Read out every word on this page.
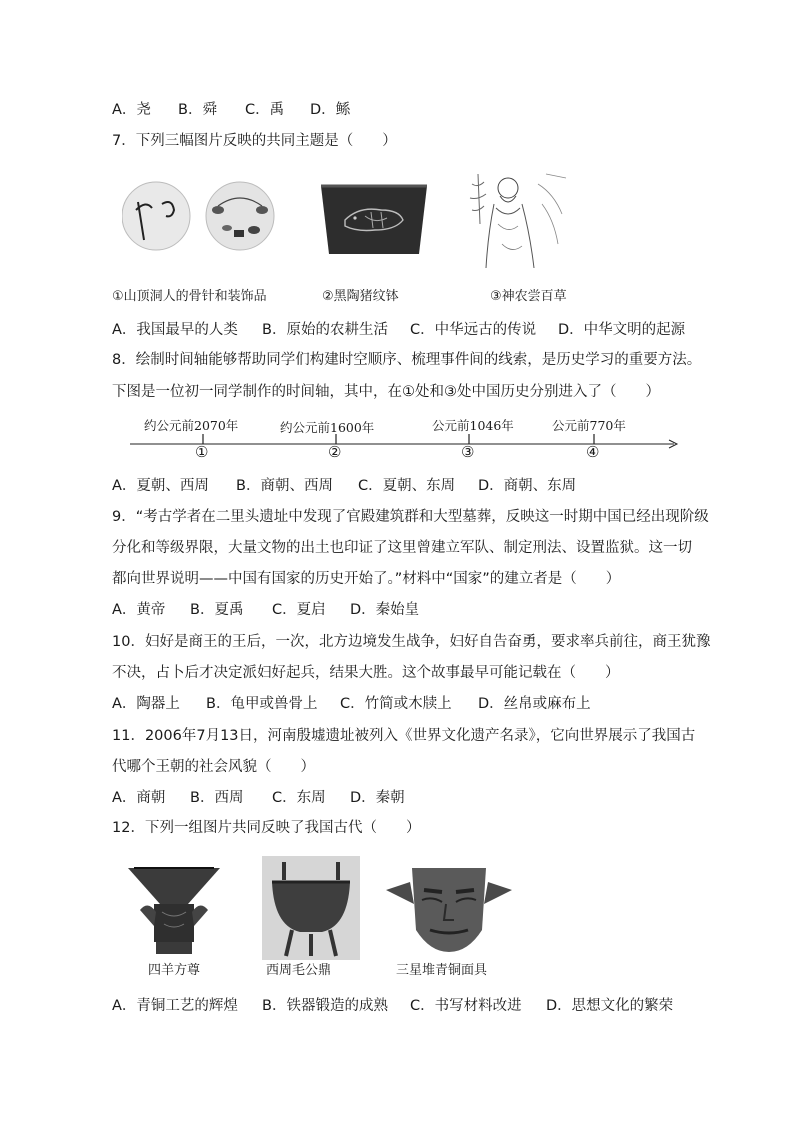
A．尧 B．舜 C．禹 D．鲧
7．下列三幅图片反映的共同主题是（　　）
①山顶洞人的骨针和装饰品	②黑陶猪纹钵	③神农尝百草
A．我国最早的人类 B．原始的农耕生活 C．中华远古的传说 D．中华文明的起源
8．绘制时间轴能够帮助同学们构建时空顺序、梳理事件间的线索，是历史学习的重要方法。
下图是一位初一同学制作的时间轴，其中，在①处和③处中国历史分别进入了（　　）
约公元前2070年	约公元前1600年	公元前1046年	公元前770年
①	②	③	④
A．夏朝、西周 B．商朝、西周 C．夏朝、东周 D．商朝、东周
9．“考古学者在二里头遗址中发现了官殿建筑群和大型墓葬，反映这一时期中国已经出现阶级
分化和等级界限，大量文物的出土也印证了这里曾建立军队、制定刑法、设置监狱。这一切
都向世界说明——中国有国家的历史开始了。”材料中“国家”的建立者是（　　）
A．黄帝 B．夏禹 C．夏启 D．秦始皇
10．妇好是商王的王后，一次，北方边境发生战争，妇好自告奋勇，要求率兵前往，商王犹豫
不决，占卜后才决定派妇好起兵，结果大胜。这个故事最早可能记载在（　　）
A．陶器上 B．龟甲或兽骨上 C．竹简或木牍上 D．丝帛或麻布上
11．2006年7月13日，河南殷墟遗址被列入《世界文化遗产名录》，它向世界展示了我国古
代哪个王朝的社会风貌（　　）
A．商朝 B．西周 C．东周 D．秦朝
12．下列一组图片共同反映了我国古代（　　）
四羊方尊	西周毛公鼎	三星堆青铜面具
A．青铜工艺的辉煌 B．铁器锻造的成熟 C．书写材料改进 D．思想文化的繁荣
